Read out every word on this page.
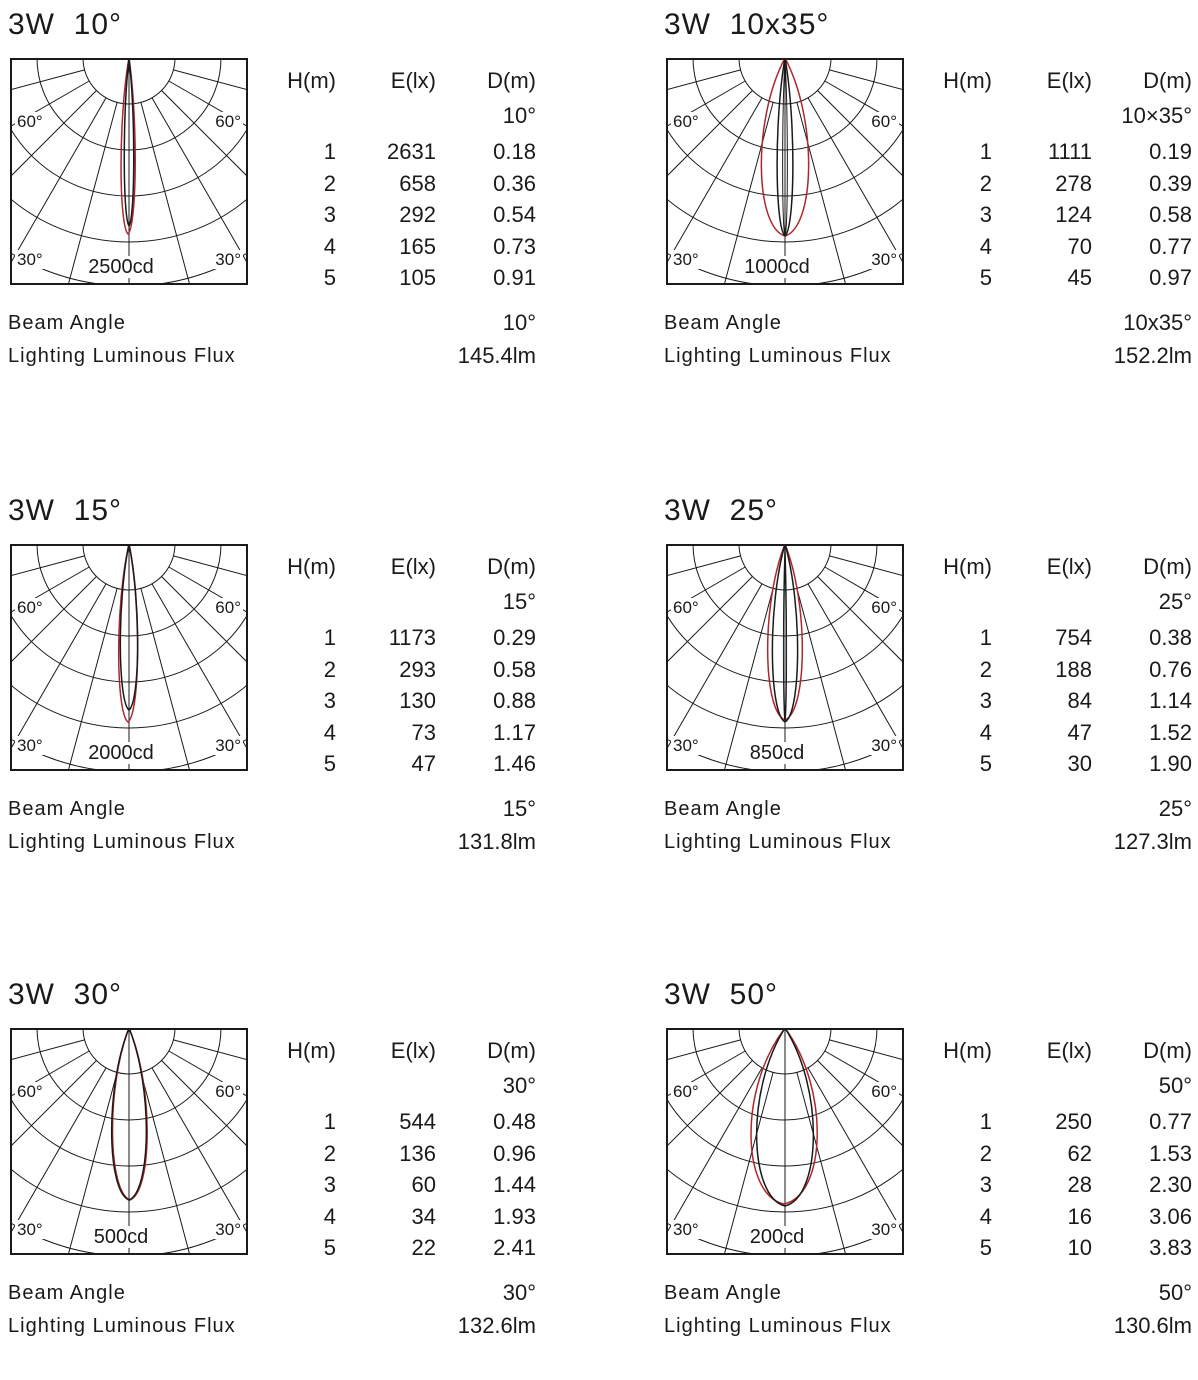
3W  10°
60°	60°
30°	30°
2500cd
H(m)	E(lx)	D(m)
10°
1	2631	0.18
2	658	0.36
3	292	0.54
4	165	0.73
5	105	0.91
Beam Angle	10°
Lighting Luminous Flux	145.4lm
3W  10x35°
60°	60°
30°	30°
1000cd
H(m)	E(lx)	D(m)
10×35°
1	1111	0.19
2	278	0.39
3	124	0.58
4	70	0.77
5	45	0.97
Beam Angle	10x35°
Lighting Luminous Flux	152.2lm
3W  15°
60°	60°
30°	30°
2000cd
H(m)	E(lx)	D(m)
15°
1	1173	0.29
2	293	0.58
3	130	0.88
4	73	1.17
5	47	1.46
Beam Angle	15°
Lighting Luminous Flux	131.8lm
3W  25°
60°	60°
30°	30°
850cd
H(m)	E(lx)	D(m)
25°
1	754	0.38
2	188	0.76
3	84	1.14
4	47	1.52
5	30	1.90
Beam Angle	25°
Lighting Luminous Flux	127.3lm
3W  30°
60°	60°
30°	30°
500cd
H(m)	E(lx)	D(m)
30°
1	544	0.48
2	136	0.96
3	60	1.44
4	34	1.93
5	22	2.41
Beam Angle	30°
Lighting Luminous Flux	132.6lm
3W  50°
60°	60°
30°	30°
200cd
H(m)	E(lx)	D(m)
50°
1	250	0.77
2	62	1.53
3	28	2.30
4	16	3.06
5	10	3.83
Beam Angle	50°
Lighting Luminous Flux	130.6lm
